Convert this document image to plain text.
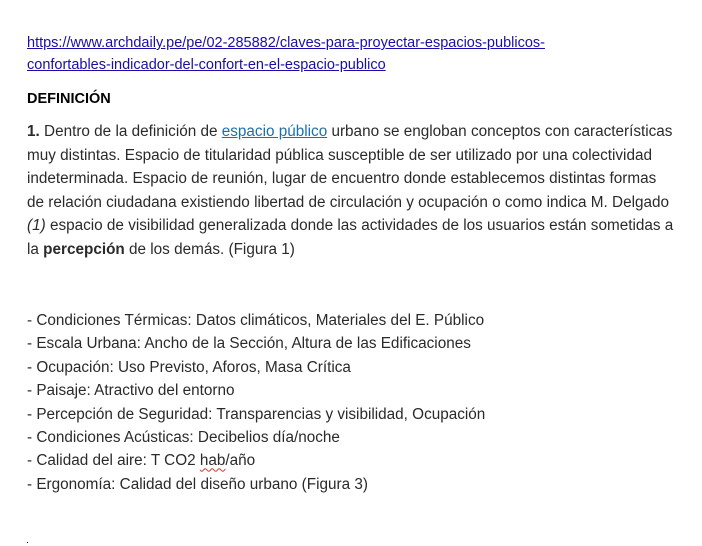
https://www.archdaily.pe/pe/02-285882/claves-para-proyectar-espacios-publicos-
confortables-indicador-del-confort-en-el-espacio-publico
DEFINICIÓN
1. Dentro de la definición de espacio público urbano se engloban conceptos con características muy distintas. Espacio de titularidad pública susceptible de ser utilizado por una colectividad indeterminada. Espacio de reunión, lugar de encuentro donde establecemos distintas formas de relación ciudadana existiendo libertad de circulación y ocupación o como indica M. Delgado (1) espacio de visibilidad generalizada donde las actividades de los usuarios están sometidas a la percepción de los demás. (Figura 1)
- Condiciones Térmicas: Datos climáticos, Materiales del E. Público
- Escala Urbana: Ancho de la Sección, Altura de las Edificaciones
- Ocupación: Uso Previsto, Aforos, Masa Crítica
- Paisaje: Atractivo del entorno
- Percepción de Seguridad: Transparencias y visibilidad, Ocupación
- Condiciones Acústicas: Decibelios día/noche
- Calidad del aire: T CO2 hab/año
- Ergonomía: Calidad del diseño urbano (Figura 3)
